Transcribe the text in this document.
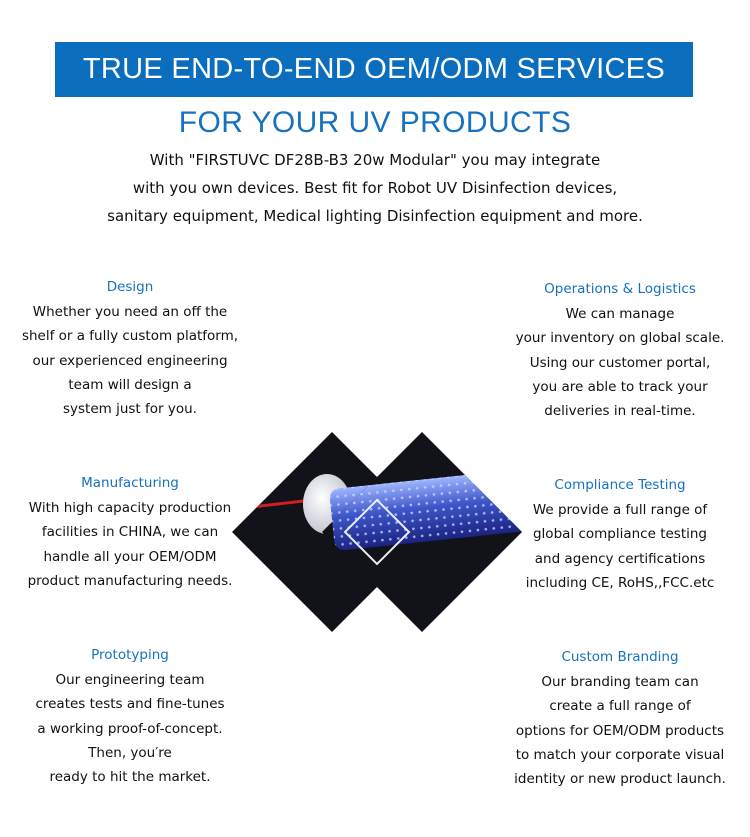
TRUE END-TO-END OEM/ODM SERVICES
FOR YOUR UV PRODUCTS
With "FIRSTUVC DF28B-B3 20w Modular" you may integrate
with you own devices. Best fit for Robot UV Disinfection devices,
sanitary equipment, Medical lighting Disinfection equipment and more.
Design
Whether you need an off the
shelf or a fully custom platform,
our experienced engineering
team will design a
system just for you.
Manufacturing
With high capacity production
facilities in CHINA, we can
handle all your OEM/ODM
product manufacturing needs.
Prototyping
Our engineering team
creates tests and fine-tunes
a working proof-of-concept.
Then, you′re
ready to hit the market.
Operations & Logistics
We can manage
your inventory on global scale.
Using our customer portal,
you are able to track your
deliveries in real-time.
Compliance Testing
We provide a full range of
global compliance testing
and agency certifications
including CE, RoHS,,FCC.etc
Custom Branding
Our branding team can
create a full range of
options for OEM/ODM products
to match your corporate visual
identity or new product launch.
